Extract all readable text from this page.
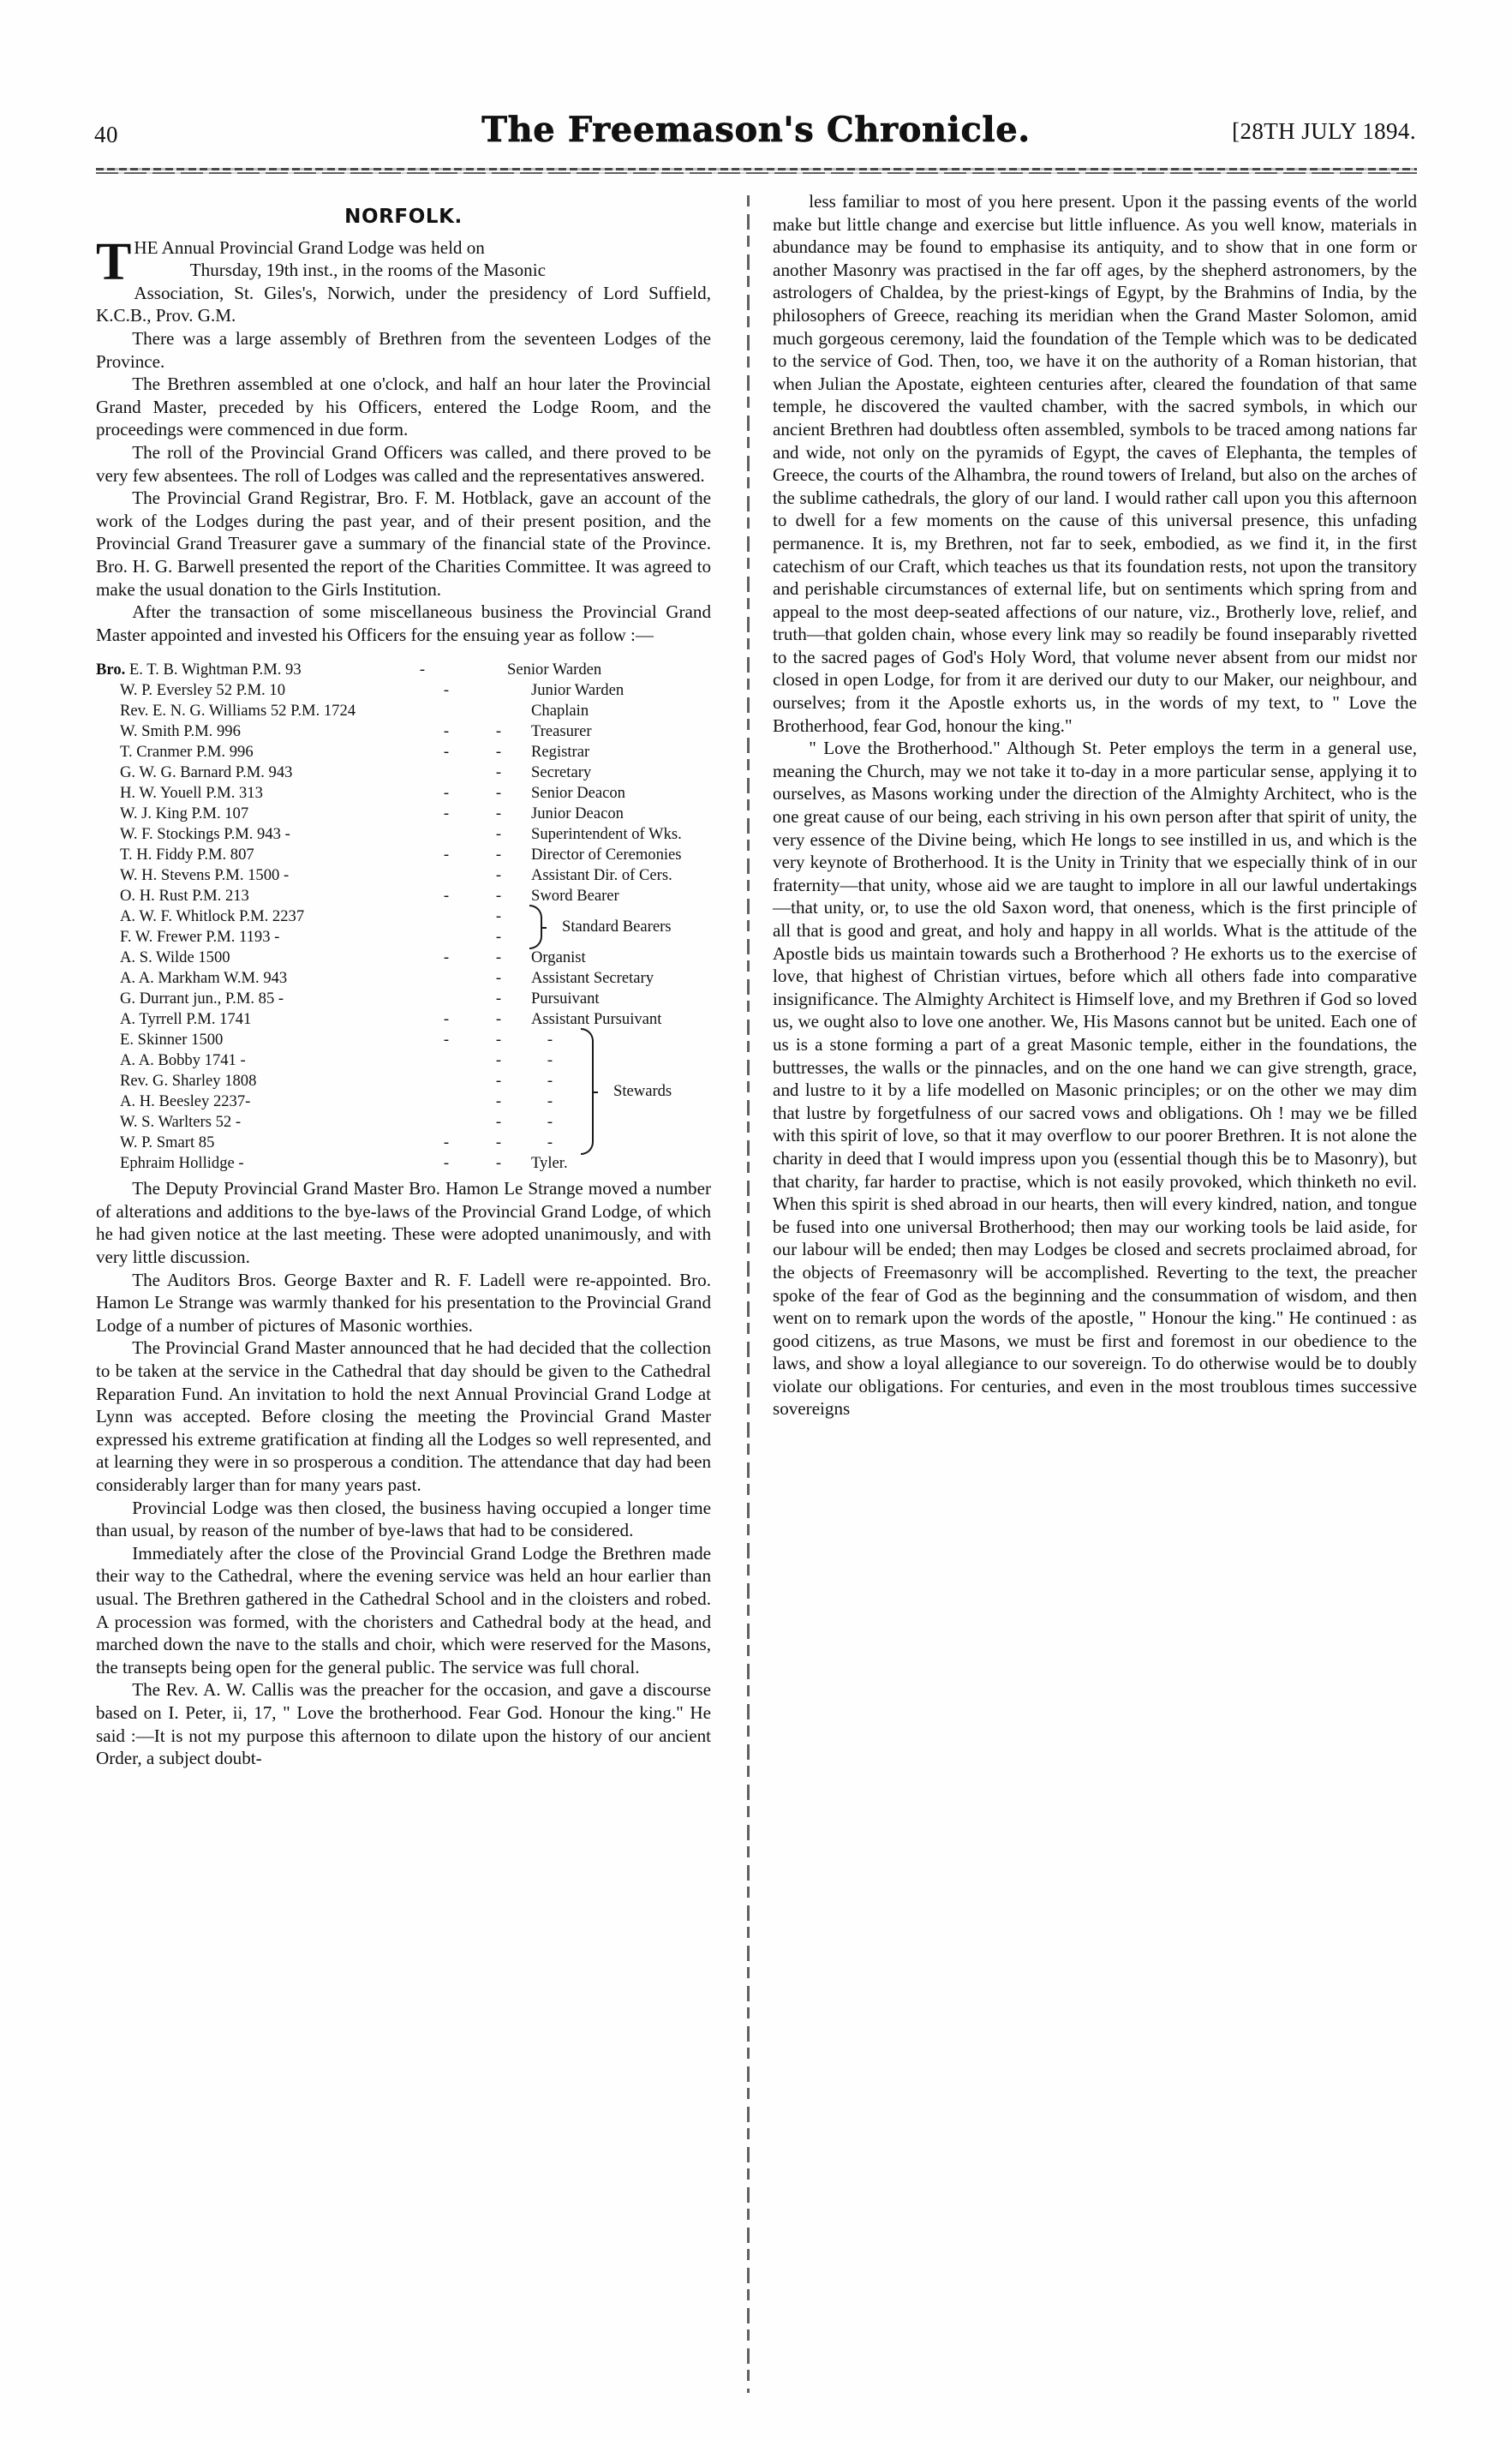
40	The Freemason's Chronicle.	[28TH JULY 1894.
NORFOLK.

THE Annual Provincial Grand Lodge was held on
Thursday, 19th inst., in the rooms of the Masonic
Association, St. Giles's, Norwich, under the presidency of Lord Suffield, K.C.B., Prov. G.M.

There was a large assembly of Brethren from the seventeen Lodges of the Province.

The Brethren assembled at one o'clock, and half an hour later the Provincial Grand Master, preceded by his Officers, entered the Lodge Room, and the proceedings were commenced in due form.

The roll of the Provincial Grand Officers was called, and there proved to be very few absentees. The roll of Lodges was called and the representatives answered.

The Provincial Grand Registrar, Bro. F. M. Hotblack, gave an account of the work of the Lodges during the past year, and of their present position, and the Provincial Grand Treasurer gave a summary of the financial state of the Province. Bro. H. G. Barwell presented the report of the Charities Committee. It was agreed to make the usual donation to the Girls Institution.

After the transaction of some miscellaneous business the Provincial Grand Master appointed and invested his Officers for the ensuing year as follow :—

Bro. E. T. B. Wightman P.M. 93	-	Senior Warden
W. P. Eversley 52 P.M. 10	-	Junior Warden
Rev. E. N. G. Williams 52 P.M. 1724	Chaplain
W. Smith P.M. 996	-	-	Treasurer
T. Cranmer P.M. 996	-	-	Registrar
G. W. G. Barnard P.M. 943	-	Secretary
H. W. Youell P.M. 313	-	-	Senior Deacon
W. J. King P.M. 107	-	-	Junior Deacon
W. F. Stockings P.M. 943 -	-	Superintendent of Wks.
T. H. Fiddy P.M. 807	-	-	Director of Ceremonies
W. H. Stevens P.M. 1500 -	-	Assistant Dir. of Cers.
O. H. Rust P.M. 213	-	-	Sword Bearer
A. W. F. Whitlock P.M. 2237	-
F. W. Frewer P.M. 1193 -	-
Standard Bearers
A. S. Wilde 1500	-	-	Organist
A. A. Markham W.M. 943	-	Assistant Secretary
G. Durrant jun., P.M. 85 -	-	Pursuivant
A. Tyrrell P.M. 1741	-	-	Assistant Pursuivant
E. Skinner 1500	-	-	-
A. A. Bobby 1741 -	-	-
Rev. G. Sharley 1808	-	-
A. H. Beesley 2237-	-	-
W. S. Warlters 52 -	-	-
W. P. Smart 85	-	-	-
Stewards
Ephraim Hollidge -	-	-	Tyler.

The Deputy Provincial Grand Master Bro. Hamon Le Strange moved a number of alterations and additions to the bye-laws of the Provincial Grand Lodge, of which he had given notice at the last meeting. These were adopted unanimously, and with very little discussion.

The Auditors Bros. George Baxter and R. F. Ladell were re-appointed. Bro. Hamon Le Strange was warmly thanked for his presentation to the Provincial Grand Lodge of a number of pictures of Masonic worthies.

The Provincial Grand Master announced that he had decided that the collection to be taken at the service in the Cathedral that day should be given to the Cathedral Reparation Fund. An invitation to hold the next Annual Provincial Grand Lodge at Lynn was accepted. Before closing the meeting the Provincial Grand Master expressed his extreme gratification at finding all the Lodges so well represented, and at learning they were in so prosperous a condition. The attendance that day had been considerably larger than for many years past.

Provincial Lodge was then closed, the business having occupied a longer time than usual, by reason of the number of bye-laws that had to be considered.

Immediately after the close of the Provincial Grand Lodge the Brethren made their way to the Cathedral, where the evening service was held an hour earlier than usual. The Brethren gathered in the Cathedral School and in the cloisters and robed. A procession was formed, with the choristers and Cathedral body at the head, and marched down the nave to the stalls and choir, which were reserved for the Masons, the transepts being open for the general public. The service was full choral.

The Rev. A. W. Callis was the preacher for the occasion, and gave a discourse based on I. Peter, ii, 17, " Love the brotherhood. Fear God. Honour the king." He said :—It is not my purpose this afternoon to dilate upon the history of our ancient Order, a subject doubt-

less familiar to most of you here present. Upon it the passing events of the world make but little change and exercise but little influence. As you well know, materials in abundance may be found to emphasise its antiquity, and to show that in one form or another Masonry was practised in the far off ages, by the shepherd astronomers, by the astrologers of Chaldea, by the priest-kings of Egypt, by the Brahmins of India, by the philosophers of Greece, reaching its meridian when the Grand Master Solomon, amid much gorgeous ceremony, laid the foundation of the Temple which was to be dedicated to the service of God. Then, too, we have it on the authority of a Roman historian, that when Julian the Apostate, eighteen centuries after, cleared the foundation of that same temple, he discovered the vaulted chamber, with the sacred symbols, in which our ancient Brethren had doubtless often assembled, symbols to be traced among nations far and wide, not only on the pyramids of Egypt, the caves of Elephanta, the temples of Greece, the courts of the Alhambra, the round towers of Ireland, but also on the arches of the sublime cathedrals, the glory of our land. I would rather call upon you this afternoon to dwell for a few moments on the cause of this universal presence, this unfading permanence. It is, my Brethren, not far to seek, embodied, as we find it, in the first catechism of our Craft, which teaches us that its foundation rests, not upon the transitory and perishable circumstances of external life, but on sentiments which spring from and appeal to the most deep-seated affections of our nature, viz., Brotherly love, relief, and truth—that golden chain, whose every link may so readily be found inseparably rivetted to the sacred pages of God's Holy Word, that volume never absent from our midst nor closed in open Lodge, for from it are derived our duty to our Maker, our neighbour, and ourselves; from it the Apostle exhorts us, in the words of my text, to " Love the Brotherhood, fear God, honour the king."

" Love the Brotherhood." Although St. Peter employs the term in a general use, meaning the Church, may we not take it to-day in a more particular sense, applying it to ourselves, as Masons working under the direction of the Almighty Architect, who is the one great cause of our being, each striving in his own person after that spirit of unity, the very essence of the Divine being, which He longs to see instilled in us, and which is the very keynote of Brotherhood. It is the Unity in Trinity that we especially think of in our fraternity—that unity, whose aid we are taught to implore in all our lawful undertakings—that unity, or, to use the old Saxon word, that oneness, which is the first principle of all that is good and great, and holy and happy in all worlds. What is the attitude of the Apostle bids us maintain towards such a Brotherhood ? He exhorts us to the exercise of love, that highest of Christian virtues, before which all others fade into comparative insignificance. The Almighty Architect is Himself love, and my Brethren if God so loved us, we ought also to love one another. We, His Masons cannot but be united. Each one of us is a stone forming a part of a great Masonic temple, either in the foundations, the buttresses, the walls or the pinnacles, and on the one hand we can give strength, grace, and lustre to it by a life modelled on Masonic principles; or on the other we may dim that lustre by forgetfulness of our sacred vows and obligations. Oh ! may we be filled with this spirit of love, so that it may overflow to our poorer Brethren. It is not alone the charity in deed that I would impress upon you (essential though this be to Masonry), but that charity, far harder to practise, which is not easily provoked, which thinketh no evil. When this spirit is shed abroad in our hearts, then will every kindred, nation, and tongue be fused into one universal Brotherhood; then may our working tools be laid aside, for our labour will be ended; then may Lodges be closed and secrets proclaimed abroad, for the objects of Freemasonry will be accomplished. Reverting to the text, the preacher spoke of the fear of God as the beginning and the consummation of wisdom, and then went on to remark upon the words of the apostle, " Honour the king." He continued : as good citizens, as true Masons, we must be first and foremost in our obedience to the laws, and show a loyal allegiance to our sovereign. To do otherwise would be to doubly violate our obligations. For centuries, and even in the most troublous times successive sovereigns
